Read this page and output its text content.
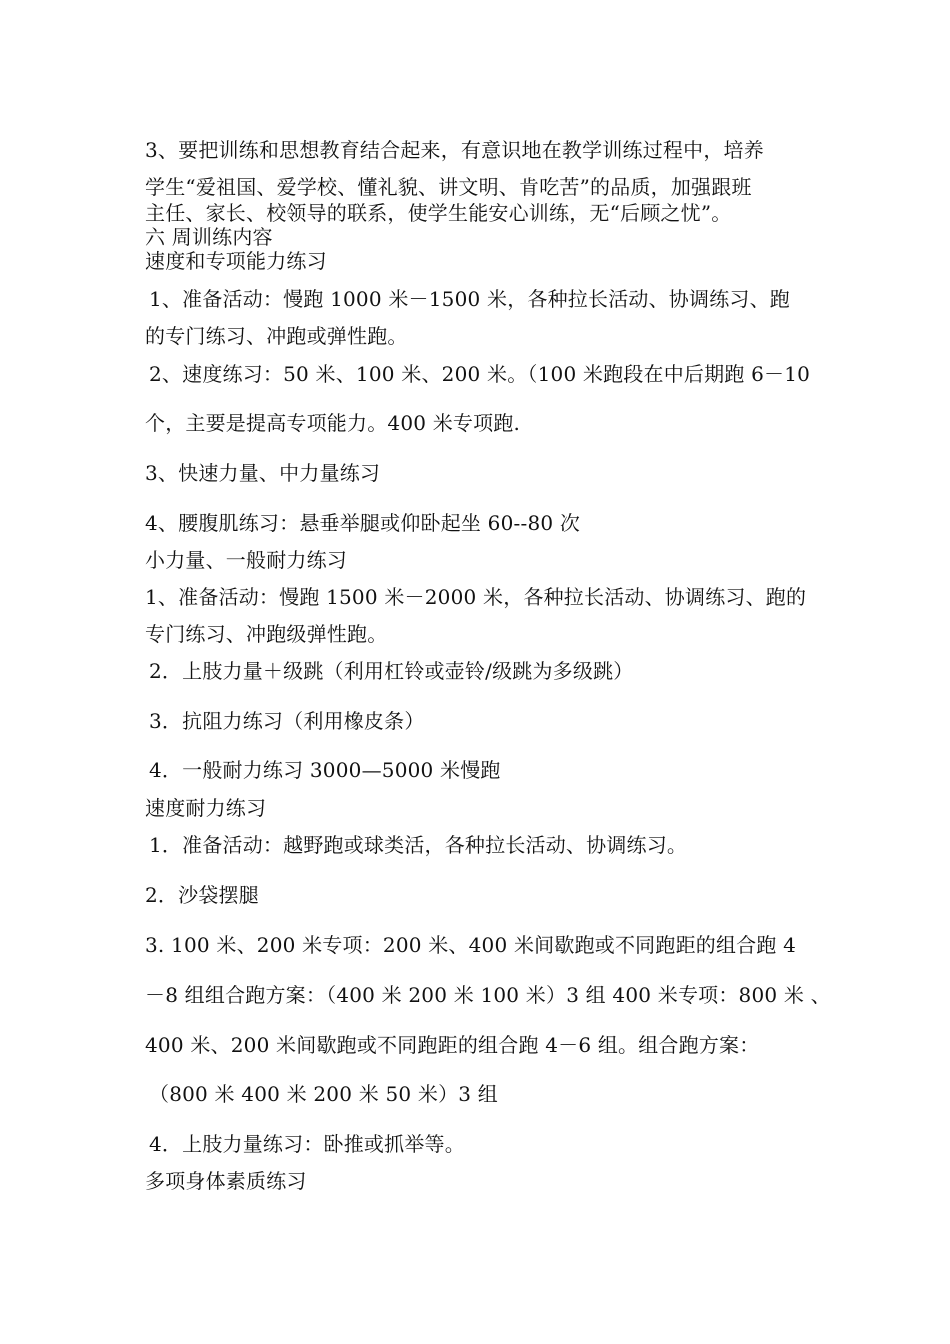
3、要把训练和思想教育结合起来，有意识地在教学训练过程中，培养
学生“爱祖国、爱学校、懂礼貌、讲文明、肯吃苦”的品质，加强跟班
主任、家长、校领导的联系，使学生能安心训练，无“后顾之忧”。
六 周训练内容
速度和专项能力练习
1、准备活动：慢跑 1000 米－1500 米，各种拉长活动、协调练习、跑
的专门练习、冲跑或弹性跑。
2、速度练习：50 米、100 米、200 米。（100 米跑段在中后期跑 6－10
个，主要是提高专项能力。400 米专项跑.
3、快速力量、中力量练习
4、腰腹肌练习：悬垂举腿或仰卧起坐 60--80 次
小力量、一般耐力练习
1、准备活动：慢跑 1500 米－2000 米，各种拉长活动、协调练习、跑的
专门练习、冲跑级弹性跑。
2．上肢力量＋级跳（利用杠铃或壶铃/级跳为多级跳）
3．抗阻力练习（利用橡皮条）
4．一般耐力练习 3000—5000 米慢跑
速度耐力练习
1．准备活动：越野跑或球类活，各种拉长活动、协调练习。
2．沙袋摆腿
3. 100 米、200 米专项：200 米、400 米间歇跑或不同跑距的组合跑 4
－8 组组合跑方案：（400 米 200 米 100 米）3 组 400 米专项：800 米 、
400 米、200 米间歇跑或不同跑距的组合跑 4－6 组。组合跑方案：
（800 米 400 米 200 米 50 米）3 组
4．上肢力量练习：卧推或抓举等。
多项身体素质练习
